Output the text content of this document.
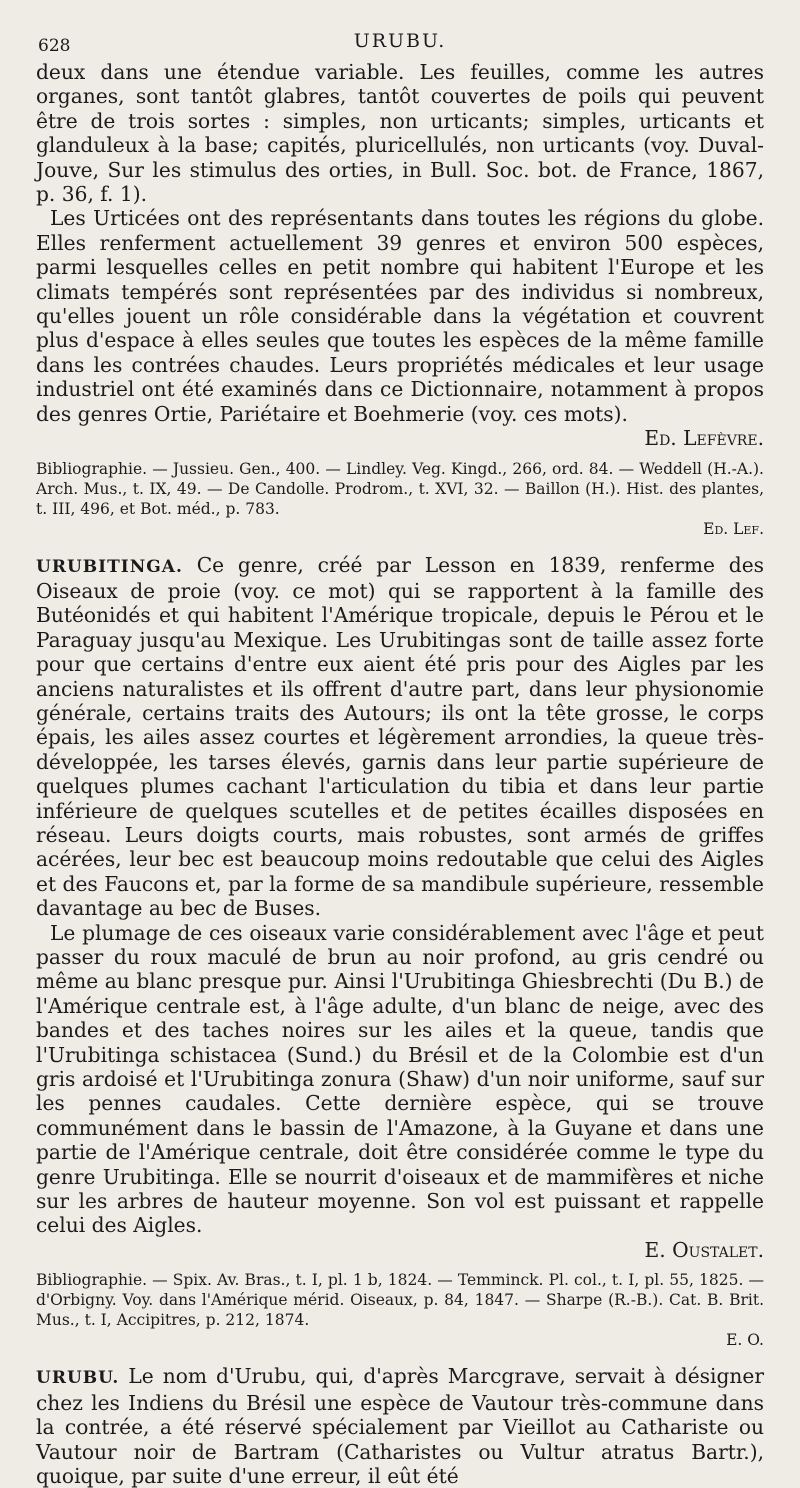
628	URUBU.

deux dans une étendue variable. Les feuilles, comme les autres organes, sont tantôt glabres, tantôt couvertes de poils qui peuvent être de trois sortes : simples, non urticants; simples, urticants et glanduleux à la base; capités, pluricellulés, non urticants (voy. Duval-Jouve, Sur les stimulus des orties, in Bull. Soc. bot. de France, 1867, p. 36, f. 1).

Les Urticées ont des représentants dans toutes les régions du globe. Elles renferment actuellement 39 genres et environ 500 espèces, parmi lesquelles celles en petit nombre qui habitent l'Europe et les climats tempérés sont représentées par des individus si nombreux, qu'elles jouent un rôle considérable dans la végétation et couvrent plus d'espace à elles seules que toutes les espèces de la même famille dans les contrées chaudes. Leurs propriétés médicales et leur usage industriel ont été examinés dans ce Dictionnaire, notamment à propos des genres Ortie, Pariétaire et Boehmerie (voy. ces mots).

Ed. Lefèvre.
Bibliographie. — Jussieu. Gen., 400. — Lindley. Veg. Kingd., 266, ord. 84. — Weddell (H.-A.). Arch. Mus., t. IX, 49. — De Candolle. Prodrom., t. XVI, 32. — Baillon (H.). Hist. des plantes, t. III, 496, et Bot. méd., p. 783.
Ed. Lef.

URUBITINGA. Ce genre, créé par Lesson en 1839, renferme des Oiseaux de proie (voy. ce mot) qui se rapportent à la famille des Butéonidés et qui habitent l'Amérique tropicale, depuis le Pérou et le Paraguay jusqu'au Mexique. Les Urubitingas sont de taille assez forte pour que certains d'entre eux aient été pris pour des Aigles par les anciens naturalistes et ils offrent d'autre part, dans leur physionomie générale, certains traits des Autours; ils ont la tête grosse, le corps épais, les ailes assez courtes et légèrement arrondies, la queue très-développée, les tarses élevés, garnis dans leur partie supérieure de quelques plumes cachant l'articulation du tibia et dans leur partie inférieure de quelques scutelles et de petites écailles disposées en réseau. Leurs doigts courts, mais robustes, sont armés de griffes acérées, leur bec est beaucoup moins redoutable que celui des Aigles et des Faucons et, par la forme de sa mandibule supérieure, ressemble davantage au bec de Buses.

Le plumage de ces oiseaux varie considérablement avec l'âge et peut passer du roux maculé de brun au noir profond, au gris cendré ou même au blanc presque pur. Ainsi l'Urubitinga Ghiesbrechti (Du B.) de l'Amérique centrale est, à l'âge adulte, d'un blanc de neige, avec des bandes et des taches noires sur les ailes et la queue, tandis que l'Urubitinga schistacea (Sund.) du Brésil et de la Colombie est d'un gris ardoisé et l'Urubitinga zonura (Shaw) d'un noir uniforme, sauf sur les pennes caudales. Cette dernière espèce, qui se trouve communément dans le bassin de l'Amazone, à la Guyane et dans une partie de l'Amérique centrale, doit être considérée comme le type du genre Urubitinga. Elle se nourrit d'oiseaux et de mammifères et niche sur les arbres de hauteur moyenne. Son vol est puissant et rappelle celui des Aigles.

E. Oustalet.
Bibliographie. — Spix. Av. Bras., t. I, pl. 1 b, 1824. — Temminck. Pl. col., t. I, pl. 55, 1825. — d'Orbigny. Voy. dans l'Amérique mérid. Oiseaux, p. 84, 1847. — Sharpe (R.-B.). Cat. B. Brit. Mus., t. I, Accipitres, p. 212, 1874.
E. O.

URUBU. Le nom d'Urubu, qui, d'après Marcgrave, servait à désigner chez les Indiens du Brésil une espèce de Vautour très-commune dans la contrée, a été réservé spécialement par Vieillot au Cathariste ou Vautour noir de Bartram (Catharistes ou Vultur atratus Bartr.), quoique, par suite d'une erreur, il eût été
